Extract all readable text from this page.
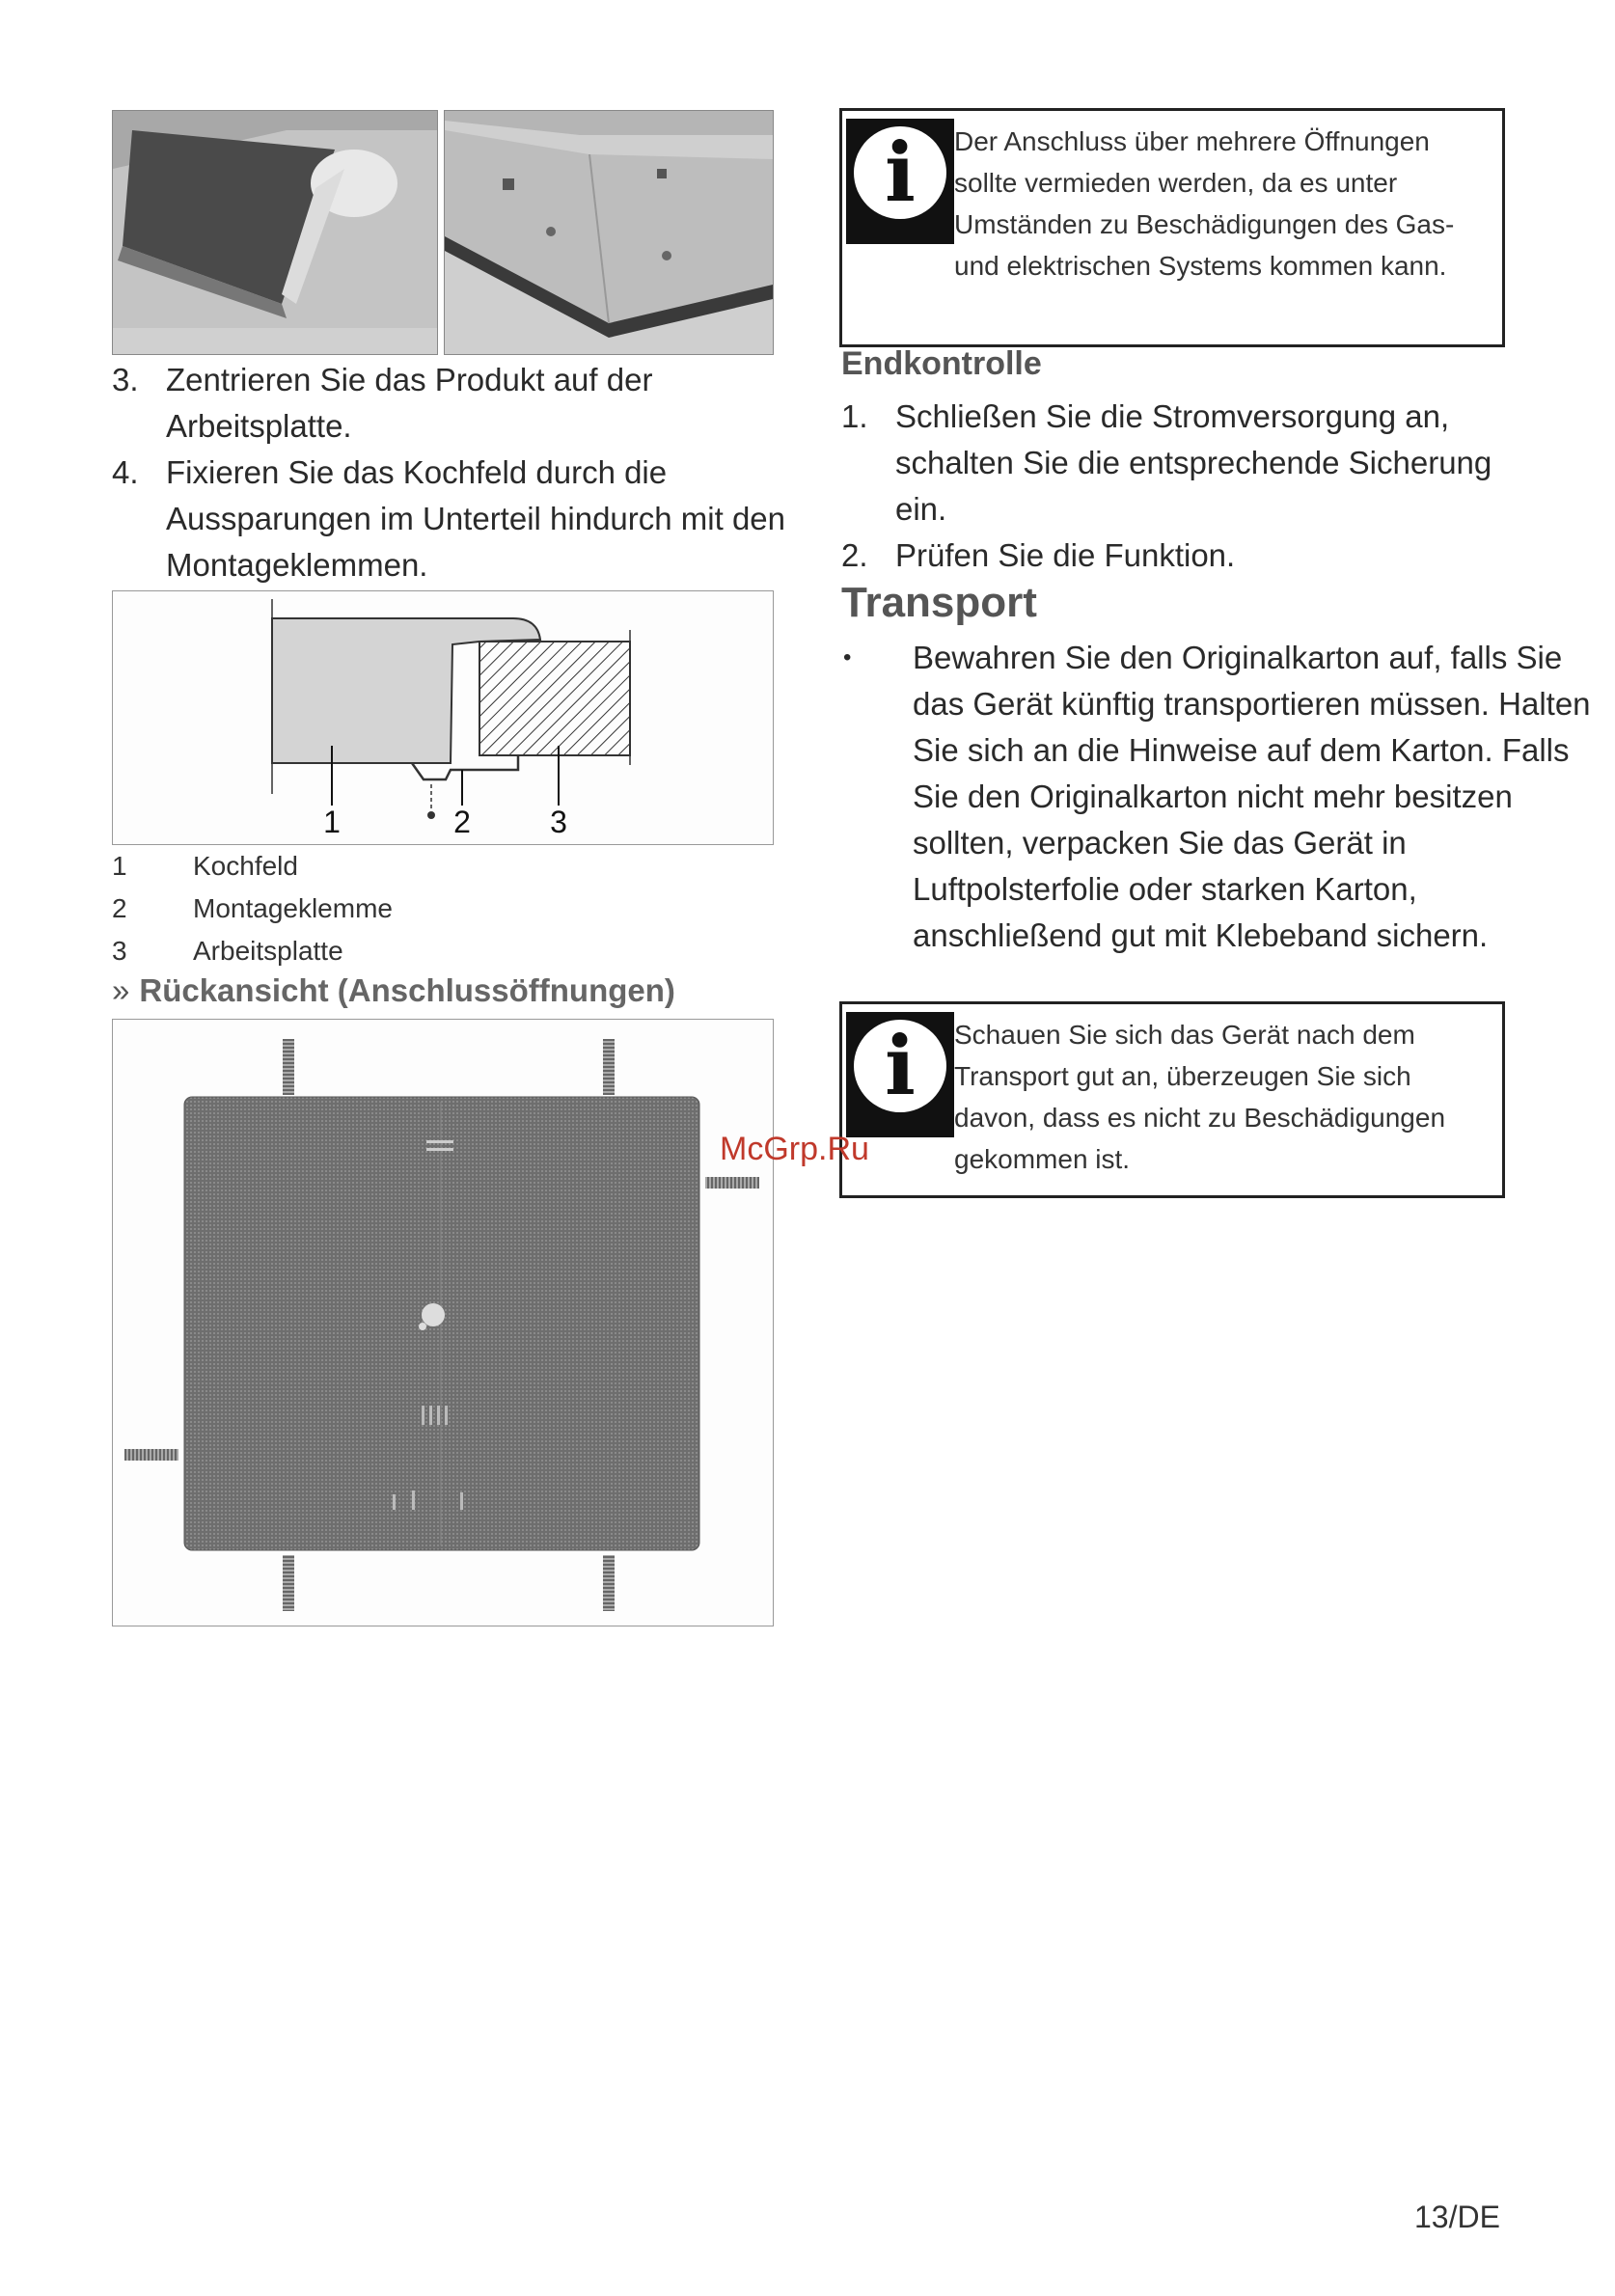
3. Zentrieren Sie das Produkt auf der Arbeitsplatte.
4. Fixieren Sie das Kochfeld durch die Aussparungen im Unterteil hindurch mit den Montageklemmen.
1	2	3
1 Kochfeld
2 Montageklemme
3 Arbeitsplatte
» Rückansicht (Anschlussöffnungen)
i Der Anschluss über mehrere Öffnungen sollte vermieden werden, da es unter Umständen zu Beschädigungen des Gas- und elektrischen Systems kommen kann.
Endkontrolle
1. Schließen Sie die Stromversorgung an, schalten Sie die entsprechende Sicherung ein.
2. Prüfen Sie die Funktion.
Transport
• Bewahren Sie den Originalkarton auf, falls Sie das Gerät künftig transportieren müssen. Halten Sie sich an die Hinweise auf dem Karton. Falls Sie den Originalkarton nicht mehr besitzen sollten, verpacken Sie das Gerät in Luftpolsterfolie oder starken Karton, anschließend gut mit Klebeband sichern.
i Schauen Sie sich das Gerät nach dem Transport gut an, überzeugen Sie sich davon, dass es nicht zu Beschädigungen gekommen ist.
McGrp.Ru
13/DE
